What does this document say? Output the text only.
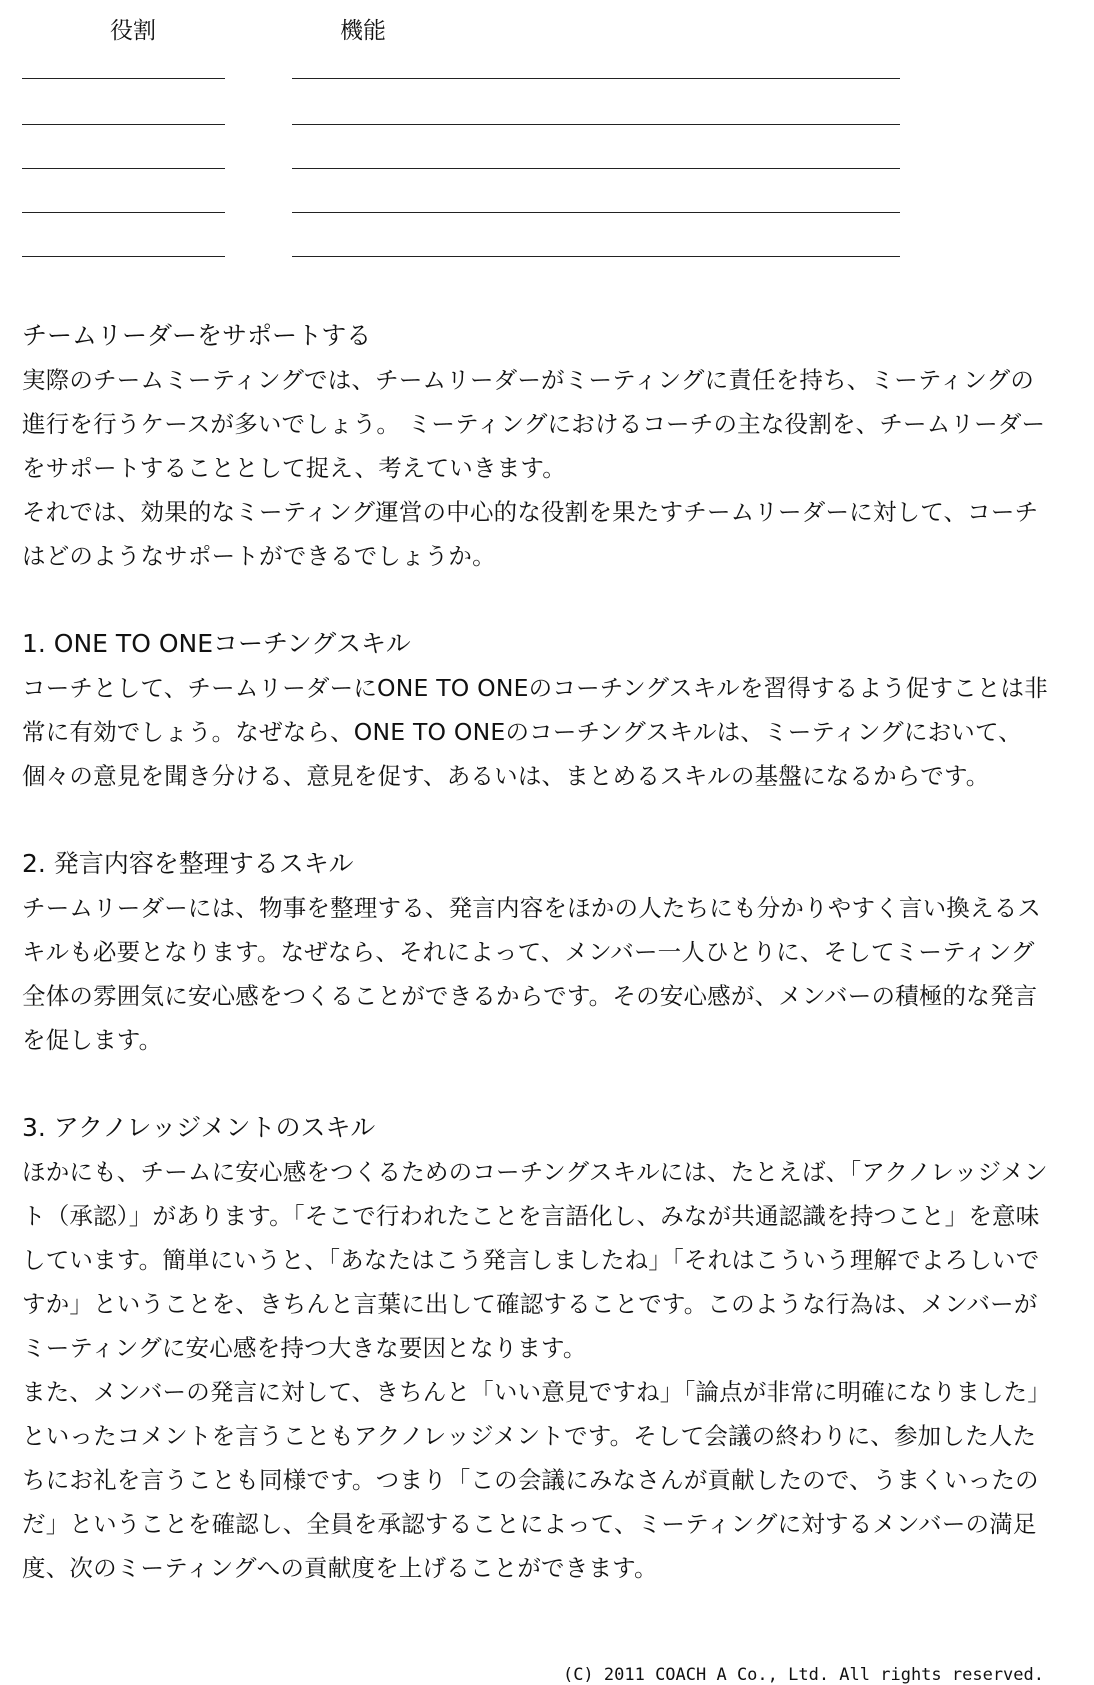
役割	機能
チームリーダーをサポートする

実際のチームミーティングでは、チームリーダーがミーティングに責任を持ち、ミーティングの進行を行うケースが多いでしょう。 ミーティングにおけるコーチの主な役割を、チームリーダーをサポートすることとして捉え、考えていきます。

それでは、効果的なミーティング運営の中心的な役割を果たすチームリーダーに対して、コーチはどのようなサポートができるでしょうか。

1. ONE TO ONEコーチングスキル

コーチとして、チームリーダーにONE TO ONEのコーチングスキルを習得するよう促すことは非常に有効でしょう。なぜなら、ONE TO ONEのコーチングスキルは、ミーティングにおいて、個々の意見を聞き分ける、意見を促す、あるいは、まとめるスキルの基盤になるからです。

2. 発言内容を整理するスキル

チームリーダーには、物事を整理する、発言内容をほかの人たちにも分かりやすく言い換えるスキルも必要となります。なぜなら、それによって、メンバー一人ひとりに、そしてミーティング全体の雰囲気に安心感をつくることができるからです。その安心感が、メンバーの積極的な発言を促します。

3. アクノレッジメントのスキル

ほかにも、チームに安心感をつくるためのコーチングスキルには、たとえば、「アクノレッジメント（承認）」があります。「そこで行われたことを言語化し、みなが共通認識を持つこと」を意味しています。簡単にいうと、「あなたはこう発言しましたね」「それはこういう理解でよろしいですか」ということを、きちんと言葉に出して確認することです。このような行為は、メンバーがミーティングに安心感を持つ大きな要因となります。

また、メンバーの発言に対して、きちんと「いい意見ですね」「論点が非常に明確になりました」といったコメントを言うこともアクノレッジメントです。そして会議の終わりに、参加した人たちにお礼を言うことも同様です。つまり「この会議にみなさんが貢献したので、うまくいったのだ」ということを確認し、全員を承認することによって、ミーティングに対するメンバーの満足度、次のミーティングへの貢献度を上げることができます。

(C) 2011 COACH A Co., Ltd. All rights reserved.
